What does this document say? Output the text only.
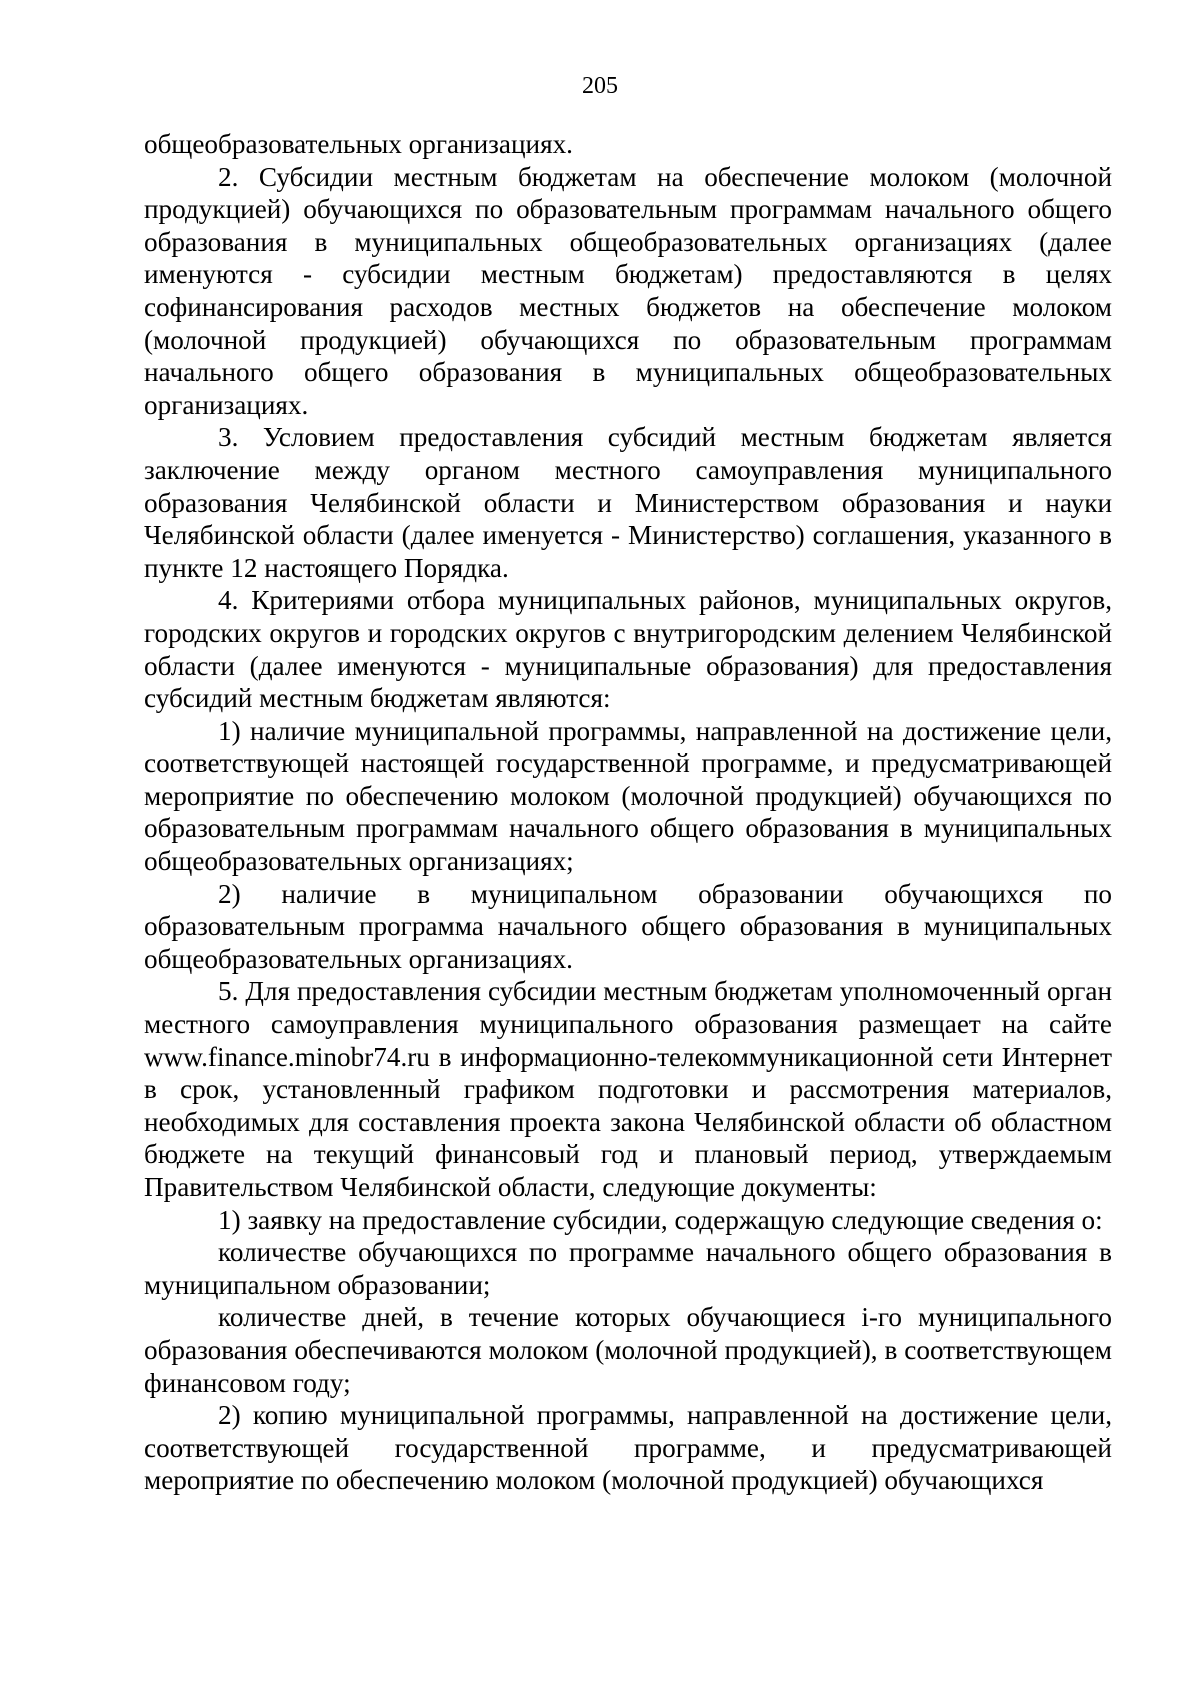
205

общеобразовательных организациях.

2. Субсидии местным бюджетам на обеспечение молоком (молочной продукцией) обучающихся по образовательным программам начального общего образования в муниципальных общеобразовательных организациях (далее именуются - субсидии местным бюджетам) предоставляются в целях софинансирования расходов местных бюджетов на обеспечение молоком (молочной продукцией) обучающихся по образовательным программам начального общего образования в муниципальных общеобразовательных организациях.

3. Условием предоставления субсидий местным бюджетам является заключение между органом местного самоуправления муниципального образования Челябинской области и Министерством образования и науки Челябинской области (далее именуется - Министерство) соглашения, указанного в пункте 12 настоящего Порядка.

4. Критериями отбора муниципальных районов, муниципальных округов, городских округов и городских округов с внутригородским делением Челябинской области (далее именуются - муниципальные образования) для предоставления субсидий местным бюджетам являются:

1) наличие муниципальной программы, направленной на достижение цели, соответствующей настоящей государственной программе, и предусматривающей мероприятие по обеспечению молоком (молочной продукцией) обучающихся по образовательным программам начального общего образования в муниципальных общеобразовательных организациях;

2) наличие в муниципальном образовании обучающихся по образовательным программа начального общего образования в муниципальных общеобразовательных организациях.

5. Для предоставления субсидии местным бюджетам уполномоченный орган местного самоуправления муниципального образования размещает на сайте www.finance.minobr74.ru в информационно-телекоммуникационной сети Интернет в срок, установленный графиком подготовки и рассмотрения материалов, необходимых для составления проекта закона Челябинской области об областном бюджете на текущий финансовый год и плановый период, утверждаемым Правительством Челябинской области, следующие документы:

1) заявку на предоставление субсидии, содержащую следующие сведения о:

количестве обучающихся по программе начального общего образования в муниципальном образовании;

количестве дней, в течение которых обучающиеся i-го муниципального образования обеспечиваются молоком (молочной продукцией), в соответствующем финансовом году;

2) копию муниципальной программы, направленной на достижение цели, соответствующей государственной программе, и предусматривающей мероприятие по обеспечению молоком (молочной продукцией) обучающихся
